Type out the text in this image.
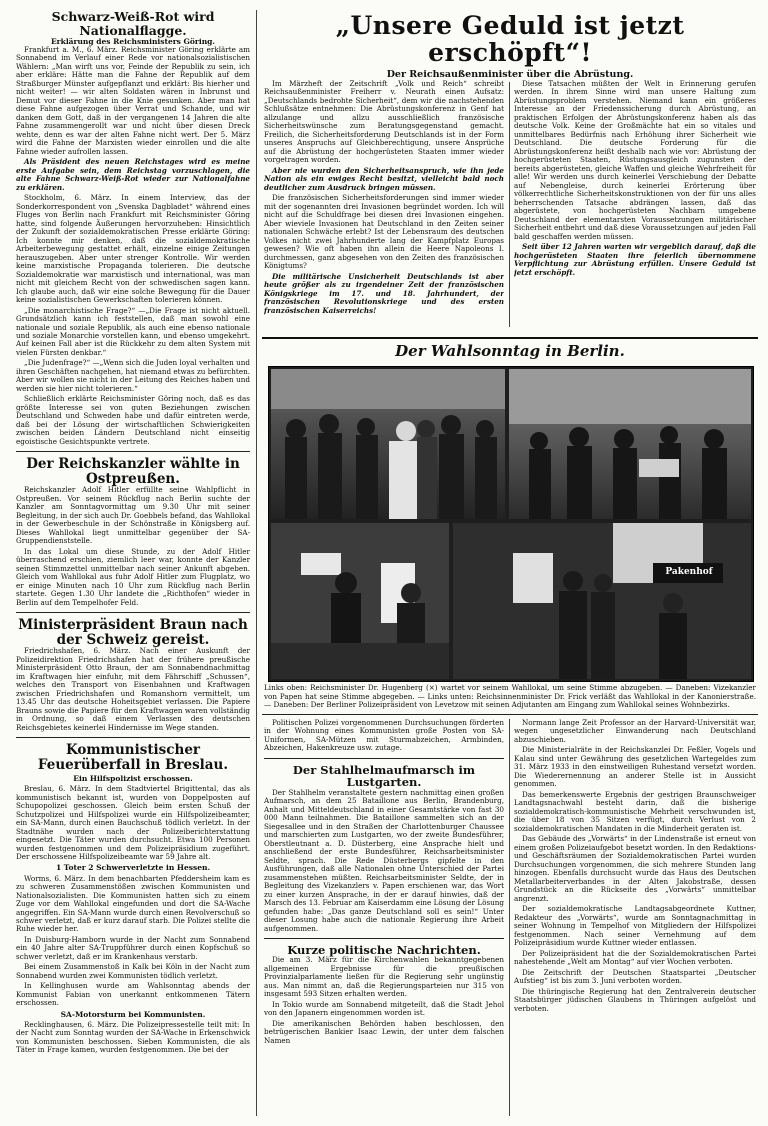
Schwarz-Weiß-Rot wird Nationalflagge.
Erklärung des Reichsministers Göring.

Frankfurt a. M., 6. März. Reichsminister Göring erklärte am Sonnabend im Verlauf einer Rede vor nationalsozialistischen Wählern: „Man wirft uns vor, Feinde der Republik zu sein, ich aber erkläre: Hätte man die Fahne der Republik auf dem Straßburger Münster aufgepflanzt und erklärt: Bis hierher und nicht weiter! — wir alten Soldaten wären in Inbrunst und Demut vor dieser Fahne in die Knie gesunken. Aber man hat diese Fahne aufgezogen über Verrat und Schande, und wir danken dem Gott, daß in der vergangenen 14 Jahren die alte Fahne zusammengerollt war und nicht über diesen Dreck wehte, denn es war der alten Fahne nicht wert. Der 5. März wird die Fahne der Marxisten wieder einrollen und die alte Fahne wieder aufrollen lassen.

Als Präsident des neuen Reichstages wird es meine erste Aufgabe sein, dem Reichstag vorzuschlagen, die alte Fahne Schwarz-Weiß-Rot wieder zur Nationalfahne zu erklären.

Stockholm, 6. März. In einem Interview, das der Sonderkorrespondent von „Svenska Dagbladet“ während eines Fluges von Berlin nach Frankfurt mit Reichsminister Göring hatte, sind folgende Äußerungen hervorzuheben: Hinsichtlich der Zukunft der sozialdemokratischen Presse erklärte Göring: Ich konnte mir denken, daß die sozialdemokratische Arbeiterbewegung gestattet erhält, einzelne einige Zeitungen herauszugeben. Aber unter strenger Kontrolle. Wir werden keine marxistische Propaganda tolerieren. Die deutsche Sozialdemokratie war marxistisch und international, was man nicht mit gleichem Recht von der schwedischen sagen kann. Ich glaube auch, daß wir eine solche Bewegung für die Dauer keine sozialistischen Gewerkschaften tolerieren können.

„Die monarchistische Frage?“ —„Die Frage ist nicht aktuell. Grundsätzlich kann ich feststellen, daß man sowohl eine nationale und soziale Republik, als auch eine ebenso nationale und soziale Monarchie vorstellen kann, und ebenso umgekehrt. Auf keinen Fall aber ist die Rückkehr zu dem alten System mit vielen Fürsten denkbar.“

„Die Judenfrage?“ —„Wenn sich die Juden loyal verhalten und ihren Geschäften nachgehen, hat niemand etwas zu befürchten. Aber wir wollen sie nicht in der Leitung des Reiches haben und werden sie hier nicht tolerieren.“

Schließlich erklärte Reichsminister Göring noch, daß es das größte Interesse sei von guten Beziehungen zwischen Deutschland und Schweden habe und dafür eintreten werde, daß bei der Lösung der wirtschaftlichen Schwierigkeiten zwischen beiden Ländern Deutschland nicht einseitig egoistische Gesichtspunkte vertrete.

Der Reichskanzler wählte in Ostpreußen.

Reichskanzler Adolf Hitler erfüllte seine Wahlpflicht in Ostpreußen. Vor seinem Rückflug nach Berlin suchte der Kanzler am Sonntagvormittag um 9.30 Uhr mit seiner Begleitung, in der sich auch Dr. Goebbels befand, das Wahllokal in der Gewerbeschule in der Schönstraße in Königsberg auf. Dieses Wahllokal liegt unmittelbar gegenüber der SA-Gruppendienststelle.

In das Lokal um diese Stunde, zu der Adolf Hitler überraschend erschien, ziemlich leer war, konnte der Kanzler seinen Stimmzettel unmittelbar nach seiner Ankunft abgeben. Gleich vom Wahllokal aus fuhr Adolf Hitler zum Flugplatz, wo er einige Minuten nach 10 Uhr zum Rückflug nach Berlin startete. Gegen 1.30 Uhr landete die „Richthofen“ wieder in Berlin auf dem Tempelhofer Feld.

Ministerpräsident Braun nach der Schweiz gereist.

Friedrichshafen, 6. März. Nach einer Auskunft der Polizeidirektion Friedrichshafen hat der frühere preußische Ministerpräsident Otto Braun, der am Sonnabendnachmittag im Kraftwagen hier einfuhr, mit dem Fährschiff „Schussen“, welches den Transport von Eisenbahnen und Kraftwagen zwischen Friedrichshafen und Romanshorn vermittelt, um 13.45 Uhr das deutsche Hoheitsgebiet verlassen. Die Papiere Brauns sowie die Papiere für den Kraftwagen waren vollständig in Ordnung, so daß einem Verlassen des deutschen Reichsgebietes keinerlei Hindernisse im Wege standen.

Kommunistischer Feuerüberfall in Breslau.
Ein Hilfspolizist erschossen.

Breslau, 6. März. In dem Stadtviertel Brigittental, das als kommunistisch bekannt ist, wurden von Doppelposten auf Schupopolizei geschossen. Gleich beim ersten Schuß der Schutzpolizei und Hilfspolizei wurde ein Hilfspolizeibeamter, ein SA-Mann, durch einen Bauchschuß tödlich verletzt. In der Stadtnähe wurden nach der Polizeiberichterstattung eingesetzt. Die Täter wurden durchsucht. Etwa 100 Personen wurden festgenommen und dem Polizeipräsidium zugeführt. Der erschossene Hilfspolizeibeamte war 59 Jahre alt.

1 Toter 2 Schwerverletzte in Hessen.

Worms, 6. März. In dem benachbarten Pfeddersheim kam es zu schweren Zusammenstößen zwischen Kommunisten und Nationalsozialisten. Die Kommunisten hatten sich zu einem Zuge vor dem Wahllokal eingefunden und dort die SA-Wache angegriffen. Ein SA-Mann wurde durch einen Revolverschuß so schwer verletzt, daß er kurz darauf starb. Die Polizei stellte die Ruhe wieder her.

In Duisburg-Hamborn wurde in der Nacht zum Sonnabend ein 40 Jahre alter SA-Truppführer durch einen Kopfschuß so schwer verletzt, daß er im Krankenhaus verstarb.

Bei einem Zusammenstoß in Kalk bei Köln in der Nacht zum Sonnabend wurden zwei Kommunisten tödlich verletzt.

In Kellinghusen wurde am Wahlsonntag abends der Kommunist Fabian von unerkannt entkommenen Tätern erschossen.

SA-Motorsturm bei Kommunisten.

Recklinghausen, 6. März. Die Polizeipressestelle teilt mit: In der Nacht zum Sonntag wurden der SA-Wache in Erkenschwick von Kommunisten beschossen. Sieben Kommunisten, die als Täter in Frage kamen, wurden festgenommen. Die bei der

„Unsere Geduld ist jetzt erschöpft“!
Der Reichsaußenminister über die Abrüstung.

Im Märzheft der Zeitschrift „Volk und Reich“ schreibt Reichsaußenminister Freiherr v. Neurath einen Aufsatz: „Deutschlands bedrohte Sicherheit“, dem wir die nachstehenden Schlußsätze entnehmen: Die Abrüstungskonferenz in Genf hat allzulange und allzu ausschließlich französische Sicherheitswünsche zum Beratungsgegenstand gemacht. Freilich, die Sicherheitsforderung Deutschlands ist in der Form unseres Anspruchs auf Gleichberechtigung, unsere Ansprüche auf die Abrüstung der hochgerüsteten Staaten immer wieder vorgetragen worden.

Aber nie wurden den Sicherheitsanspruch, wie ihn jede Nation als ein ewiges Recht besitzt, vielleicht bald noch deutlicher zum Ausdruck bringen müssen.

Die französischen Sicherheitsforderungen sind immer wieder mit der sogenannten drei Invasionen begründet worden. Ich will nicht auf die Schuldfrage bei diesen drei Invasionen eingehen. Aber wieviele Invasionen hat Deutschland in den Zeiten seiner nationalen Schwäche erlebt? Ist der Lebensraum des deutschen Volkes nicht zwei Jahrhunderte lang der Kampfplatz Europas gewesen? Wie oft haben ihn allein die Heere Napoleons I. durchmessen, ganz abgesehen von den Zeiten des französischen Königtums?

Die militärische Unsicherheit Deutschlands ist aber heute größer als zu irgendeiner Zeit der französischen Königskriege im 17. und 18. Jahrhundert, der französischen Revolutionskriege und des ersten französischen Kaiserreichs!

Diese Tatsachen müßten der Welt in Erinnerung gerufen werden. In ihrem Sinne wird man unsere Haltung zum Abrüstungsproblem verstehen. Niemand kann ein größeres Interesse an der Friedenssicherung durch Abrüstung, an praktischen Erfolgen der Abrüstungskonferenz haben als das deutsche Volk. Keine der Großmächte hat ein so vitales und unmittelbares Bedürfnis nach Erhöhung ihrer Sicherheit wie Deutschland. Die deutsche Forderung für die Abrüstungskonferenz heißt deshalb nach wie vor: Abrüstung der hochgerüsteten Staaten, Rüstungsausgleich zugunsten der bereits abgerüsteten, gleiche Waffen und gleiche Wehrfreiheit für alle! Wir werden uns durch keinerlei Verschiebung der Debatte auf Nebengleise, durch keinerlei Erörterung über völkerrechtliche Sicherheitskonstruktionen von der für uns alles beherrschenden Tatsache abdrängen lassen, daß das abgerüstete, von hochgerüsteten Nachbarn umgebene Deutschland der elementarsten Voraussetzungen militärischer Sicherheit entbehrt und daß diese Voraussetzungen auf jeden Fall bald geschaffen werden müssen.

Seit über 12 Jahren warten wir vergeblich darauf, daß die hochgerüsteten Staaten ihre feierlich übernommene Verpflichtung zur Abrüstung erfüllen. Unsere Geduld ist jetzt erschöpft.

Der Wahlsonntag in Berlin.
Pakenhof
Links oben: Reichsminister Dr. Hugenberg (×) wartet vor seinem Wahllokal, um seine Stimme abzugeben. — Daneben: Vizekanzler von Papen hat seine Stimme abgegeben. — Links unten: Reichsinnenminister Dr. Frick verläßt das Wahllokal in der Kanonierstraße. — Daneben: Der Berliner Polizeipräsident von Levetzow mit seinen Adjutanten am Eingang zum Wahllokal seines Wohnbezirks.

Politischen Polizei vorgenommenen Durchsuchungen förderten in der Wohnung eines Kommunisten große Posten von SA-Uniformen, SA-Mützen mit Sturmabzeichen, Armbinden, Abzeichen, Hakenkreuze usw. zutage.

Der Stahlhelmaufmarsch im Lustgarten.

Der Stahlhelm veranstaltete gestern nachmittag einen großen Aufmarsch, an dem 25 Bataillone aus Berlin, Brandenburg, Anhalt und Mitteldeutschland in einer Gesamtstärke von fast 30 000 Mann teilnahmen. Die Bataillone sammelten sich an der Siegesallee und in den Straßen der Charlottenburger Chaussee und marschierten zum Lustgarten, wo der zweite Bundesführer, Oberstleutnant a. D. Düsterberg, eine Ansprache hielt und anschließend der erste Bundesführer, Reichsarbeitsminister Seldte, sprach. Die Rede Düsterbergs gipfelte in den Ausführungen, daß alle Nationalen ohne Unterschied der Partei zusammenstehen müßten. Reichsarbeitsminister Seldte, der in Begleitung des Vizekanzlers v. Papen erschienen war, das Wort zu einer kurzen Ansprache, in der er darauf hinwies, daß der Marsch des 13. Februar am Kaiserdamm eine Lösung der Lösung gefunden habe: „Das ganze Deutschland soll es sein!“ Unter dieser Losung habe auch die nationale Regierung ihre Arbeit aufgenommen.

Kurze politische Nachrichten.

Die am 3. März für die Kirchenwahlen bekanntgegebenen allgemeinen Ergebnisse für die preußischen Provinzialparlamente ließen für die Regierung sehr ungünstig aus. Man nimmt an, daß die Regierungsparteien nur 315 von insgesamt 593 Sitzen erhalten werden.

In Tokio wurde am Sonnabend mitgeteilt, daß die Stadt Jehol von den Japanern eingenommen worden ist.

Die amerikanischen Behörden haben beschlossen, den betrügerischen Bankier Isaac Lewin, der unter dem falschen Namen

Normann lange Zeit Professor an der Harvard-Universität war, wegen ungesetzlicher Einwanderung nach Deutschland abzuschieben.

Die Ministerialräte in der Reichskanzlei Dr. Feßler, Vogels und Kalau sind unter Gewährung des gesetzlichen Wartegeldes zum 31. März 1933 in den einstweiligen Ruhestand versetzt worden. Die Wiederernennung an anderer Stelle ist in Aussicht genommen.

Das bemerkenswerte Ergebnis der gestrigen Braunschweiger Landtagsnachwahl besteht darin, daß die bisherige sozialdemokratisch-kommunistische Mehrheit verschwunden ist, die über 18 von 35 Sitzen verfügt, durch Verlust von 2 sozialdemokratischen Mandaten in die Minderheit geraten ist.

Das Gebäude des „Vorwärts“ in der Lindenstraße ist erneut von einem großen Polizeiaufgebot besetzt worden. In den Redaktions- und Geschäftsräumen der Sozialdemokratischen Partei wurden Durchsuchungen vorgenommen, die sich mehrere Stunden lang hinzogen. Ebenfalls durchsucht wurde das Haus des Deutschen Metallarbeiterverbandes in der Alten Jakobstraße, dessen Grundstück an die Rückseite des „Vorwärts“ unmittelbar angrenzt.

Der sozialdemokratische Landtagsabgeordnete Kuttner, Redakteur des „Vorwärts“, wurde am Sonntagnachmittag in seiner Wohnung in Tempelhof von Mitgliedern der Hilfspolizei festgenommen. Nach seiner Vernehmung auf dem Polizeipräsidium wurde Kuttner wieder entlassen.

Der Polizeipräsident hat die der Sozialdemokratischen Partei nahestehende „Welt am Montag“ auf vier Wochen verboten.

Die Zeitschrift der Deutschen Staatspartei „Deutscher Aufstieg“ ist bis zum 3. Juni verboten worden.

Die thüringische Regierung hat den Zentralverein deutscher Staatsbürger jüdischen Glaubens in Thüringen aufgelöst und verboten.
